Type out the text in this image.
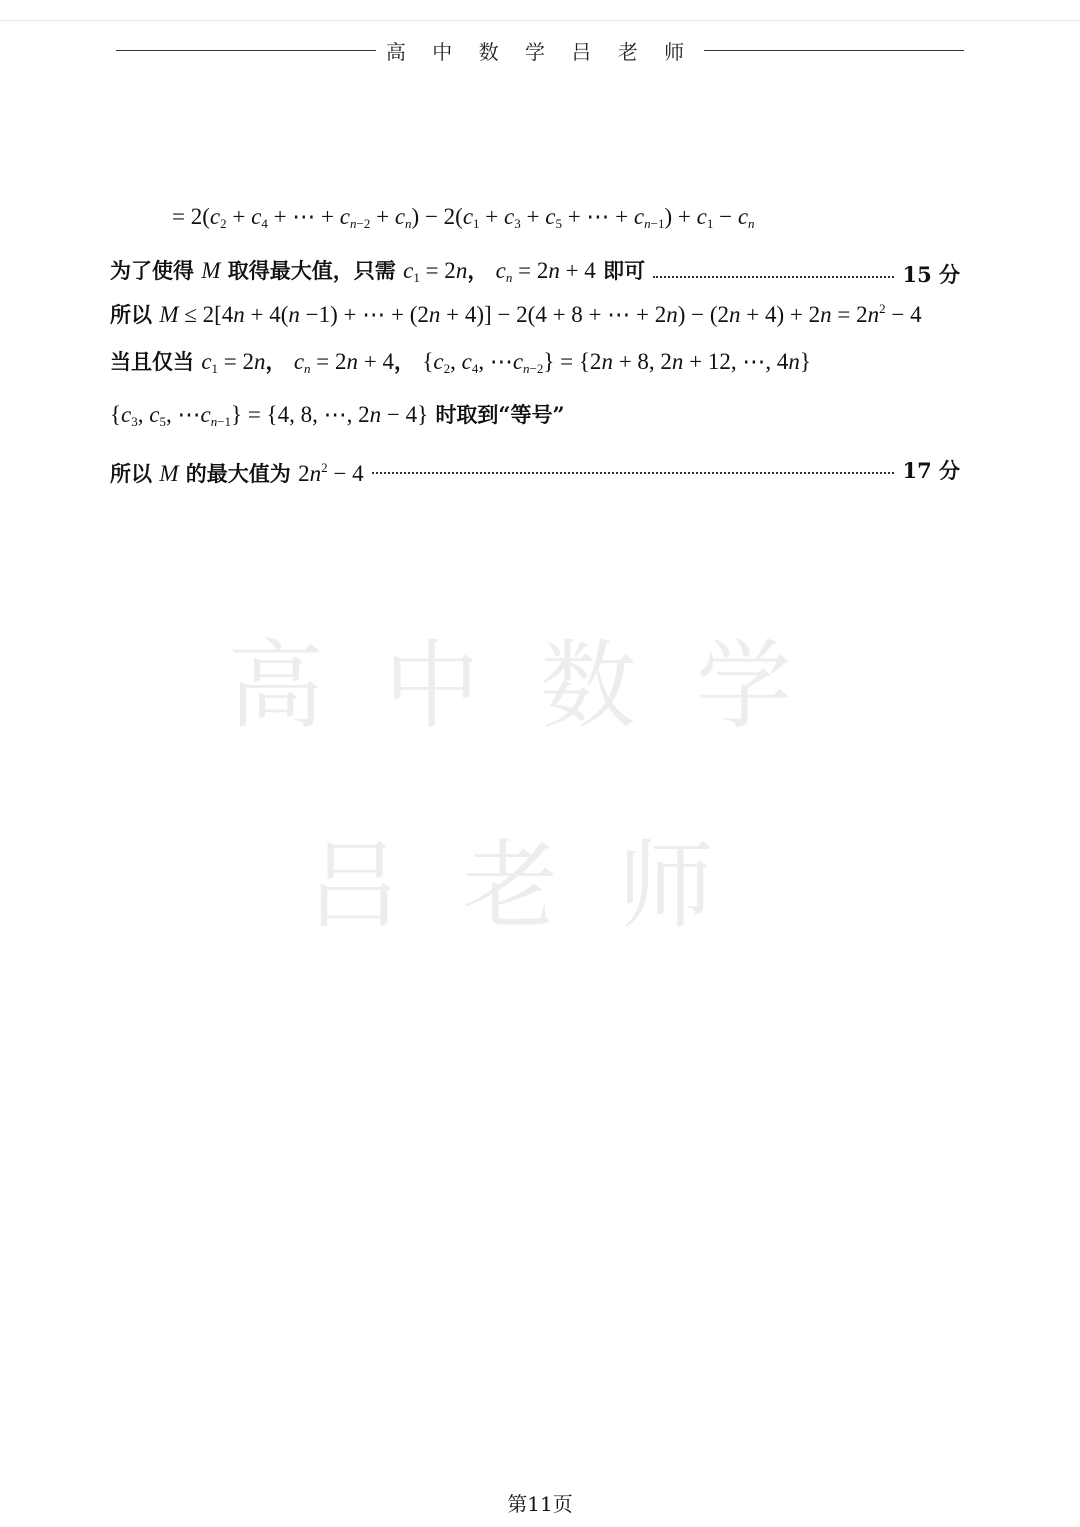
高 中 数 学 吕 老 师
高中数学
吕老师
= $2(c_2 + c_4$ + ⋯ + $c_{n-2} + c_n) - 2(c_1 + c_3 + c_5$ + ⋯ + $c_{n-1}) + c_1 - c_n$
为了使得 M 取得最大值，只需 $c_1 = 2n$， $c_n = 2n + 4$ 即可	15 分
所以 M ≤ 2[4n + 4(n −1) + ⋯ + (2n + 4)] − 2(4 + 8 + ⋯ + $2n) - (2n + 4) + 2n = 2n^2 - 4$
当且仅当 $c_1 = 2n$， $c_n = 2n + 4$， {$c_2$, $c_4$, $\cdots c_{n-2}\} = \{2n + 8$, 2n + 12, ⋯, 4n}
{$c_3$, $c_5$, $\cdots c_{n-1}\} = \{4$, 8, ⋯, 2n − 4} 时取到“等号”
所以 M 的最大值为 $2n^2 - 4$	17 分
第11页
